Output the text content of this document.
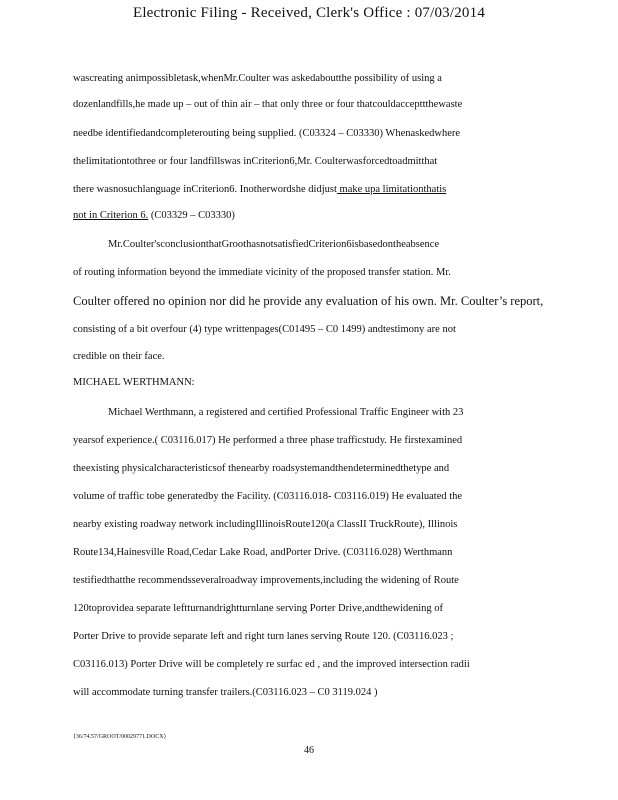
Electronic Filing - Received, Clerk's Office : 07/03/2014
wascreating animpossibletask,whenMr.Coulter was askedaboutthe possibility of using a
dozenlandfills,he made up – out of thin air – that only three or four thatcouldaccepttthewaste
needbe identifiedandcompleterouting being supplied. (C03324 – C03330) Whenaskedwhere
thelimitationtothree or four landfillswas inCriterion6,Mr. Coulterwasforcedtoadmitthat
there wasnosuchlanguage inCriterion6. Inotherwordshe didjust make upa limitationthatis
not in Criterion 6. (C03329 – C03330)
Mr.Coulter'sconclusionthatGroothasnotsatisfiedCriterion6isbasedontheabsence
of routing information beyond the immediate vicinity of the proposed transfer station. Mr.
Coulter offered no opinion nor did he provide any evaluation of his own. Mr. Coulter’s report,
consisting of a bit overfour (4) type writtenpages(C01495 – C0 1499) andtestimony are not
credible on their face.
MICHAEL WERTHMANN:
Michael Werthmann, a registered and certified Professional Traffic Engineer with 23
yearsof experience.( C03116.017) He performed a three phase trafficstudy. He firstexamined
theexisting physicalcharacteristicsof thenearby roadsystemandthendeterminedthetype and
volume of traffic tobe generatedby the Facility. (C03116.018- C03116.019) He evaluated the
nearby existing roadway network includingIllinoisRoute120(a ClassII TruckRoute), Illinois
Route134,Hainesville Road,Cedar Lake Road, andPorter Drive. (C03116.028) Werthmann
testifiedthatthe recommendsseveralroadway improvements,including the widening of Route
120toprovidea separate leftturnandrightturnlane serving Porter Drive,andthewidening of
Porter Drive to provide separate left and right turn lanes serving Route 120. (C03116.023 ;
C03116.013) Porter Drive will be completely re surfac ed , and the improved intersection radii
will accommodate turning transfer trailers.(C03116.023 – C0 3119.024 )
{36/74.57/GROOT/00029771.DOCX}
46
